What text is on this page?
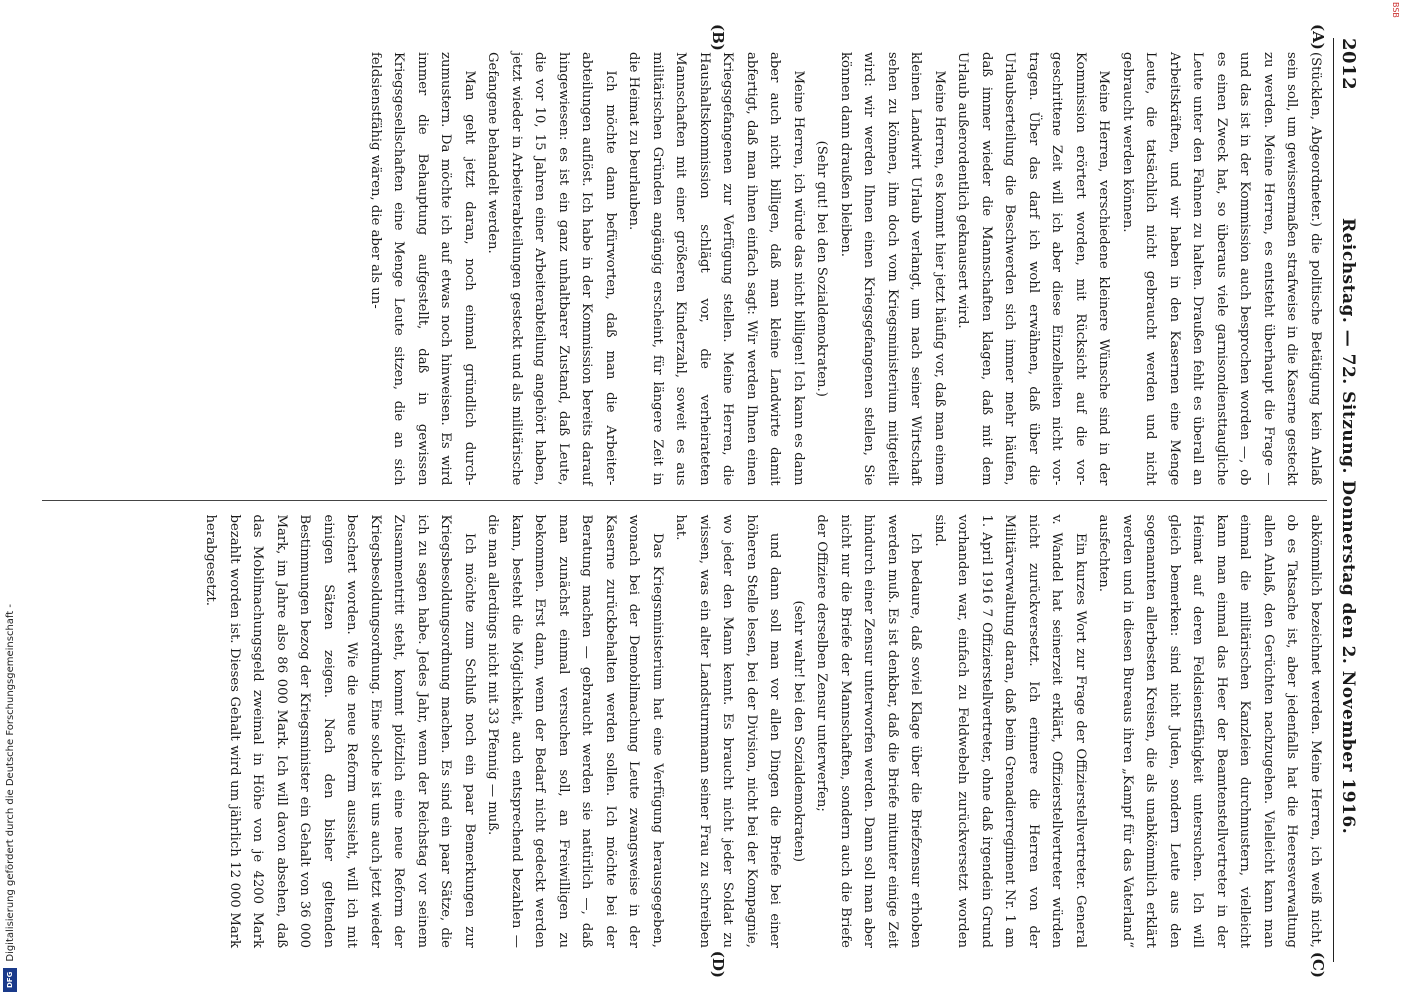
2012
Reichstag. — 72. Sitzung. Donnerstag den 2. November 1916.
(A)
(B)
(C)
(D)

(Stücklen, Abgeordneter.) die politische Betätigung kein Anlaß sein soll, um gewissermaßen strafweise in die Kaserne gesteckt zu werden. Meine Herren, es entsteht überhaupt die Frage — und das ist in der Kommission auch besprochen worden —, ob es einen Zweck hat, so überaus viele garnisondiensttaugliche Leute unter den Fahnen zu halten. Draußen fehlt es überall an Arbeitskräften, und wir haben in den Kasernen eine Menge Leute, die tatsächlich nicht gebraucht werden und nicht gebraucht werden können.

Meine Herren, verschiedene kleinere Wünsche sind in der Kommission erörtert worden, mit Rücksicht auf die vorgeschrittene Zeit will ich aber diese Einzelheiten nicht vortragen. Über das darf ich wohl erwähnen, daß über die Urlaubserteilung die Beschwerden sich immer mehr häufen, daß immer wieder die Mannschaften klagen, daß mit dem Urlaub außerordentlich geknausert wird.

Meine Herren, es kommt hier jetzt häufig vor, daß man einem kleinen Landwirt Urlaub verlangt, um nach seiner Wirtschaft sehen zu können, ihm doch vom Kriegsministerium mitgeteilt wird: wir werden Ihnen einen Kriegsgefangenen stellen, Sie können dann draußen bleiben.

(Sehr gut! bei den Sozialdemokraten.)

Meine Herren, ich würde das nicht billigen! Ich kann es dann aber auch nicht billigen, daß man kleine Landwirte damit abfertigt, daß man ihnen einfach sagt: Wir werden Ihnen einen Kriegsgefangenen zur Verfügung stellen. Meine Herren, die Haushaltskommission schlägt vor, die verheirateten Mannschaften mit einer größeren Kinderzahl, soweit es aus militärischen Gründen angängig erscheint, für längere Zeit in die Heimat zu beurlauben.

Ich möchte dann befürworten, daß man die Arbeiterabteilungen auflöst. Ich habe in der Kommission bereits darauf hingewiesen: es ist ein ganz unhaltbarer Zustand, daß Leute, die vor 10, 15 Jahren einer Arbeiterabteilung angehört haben, jetzt wieder in Arbeiterabteilungen gesteckt und als militärische Gefangene behandelt werden.

Man geht jetzt daran, noch einmal gründlich durchzumustern. Da möchte ich auf etwas noch hinweisen. Es wird immer die Behauptung aufgestellt, daß in gewissen Kriegsgesellschaften eine Menge Leute sitzen, die an sich feldsienstfähig wären, die aber als un-

abkömmlich bezeichnet werden. Meine Herren, ich weiß nicht, ob es Tatsache ist, aber jedenfalls hat die Heeresverwaltung allen Anlaß, den Gerüchten nachzugehen. Vielleicht kann man einmal die militärischen Kanzleien durchmustern, vielleicht kann man einmal das Heer der Beamtenstellvertreter in der Heimat auf deren Feldsienstfähigkeit untersuchen. Ich will gleich bemerken: sind nicht Juden, sondern Leute aus den sogenannten allerbesten Kreisen, die als unabkömmlich erklärt werden und in diesen Bureaus ihren „Kampf für das Vaterland“ ausfechten.

Ein kurzes Wort zur Frage der Offizierstellvertreter. General v. Wandel hat seinerzeit erklärt, Offizierstellvertreter würden nicht zurückversetzt. Ich erinnere die Herren von der Militärverwaltung daran, daß beim Grenadierregiment Nr. 1 am 1. April 1916 7 Offizierstellvertreter, ohne daß irgendein Grund vorhanden war, einfach zu Feldwebeln zurückversetzt worden sind.

Ich bedaure, daß soviel Klage über die Briefzensur erhoben werden muß. Es ist denkbar, daß die Briefe mitunter einige Zeit hindurch einer Zensur unterworfen werden. Dann soll man aber nicht nur die Briefe der Mannschaften, sondern auch die Briefe der Offiziere derselben Zensur unterwerfen;

(sehr wahr! bei den Sozialdemokraten)

und dann soll man vor allen Dingen die Briefe bei einer höheren Stelle lesen, bei der Division, nicht bei der Kompagnie, wo jeder den Mann kennt. Es braucht nicht jeder Soldat zu wissen, was ein alter Landsturmmann seiner Frau zu schreiben hat.

Das Kriegsministerium hat eine Verfügung herausgegeben, wonach bei der Demobilmachung Leute zwangsweise in der Kaserne zurückbehalten werden sollen. Ich möchte bei der Beratung machen — gebraucht werden sie natürlich —, daß man zunächst einmal versuchen soll, an Freiwilligen zu bekommen. Erst dann, wenn der Bedarf nicht gedeckt werden kann, besteht die Möglichkeit, auch entsprechend bezahlen — die man allerdings nicht mit 33 Pfennig — muß.

Ich möchte zum Schluß noch ein paar Bemerkungen zur Kriegsbesoldungsordnung machen. Es sind ein paar Sätze, die ich zu sagen habe. Jedes Jahr, wenn der Reichstag vor seinem Zusammentritt steht, kommt plötzlich eine neue Reform der Kriegsbesoldungsordnung. Eine solche ist uns auch jetzt wieder beschert worden. Wie die neue Reform aussieht, will ich mit einigen Sätzen zeigen. Nach den bisher geltenden Bestimmungen bezog der Kriegsminister ein Gehalt von 36 000 Mark, im Jahre also 86 000 Mark. Ich will davon absehen, daß das Mobilmachungsgeld zweimal in Höhe von je 4200 Mark bezahlt worden ist. Dieses Gehalt wird um jährlich 12 000 Mark herabgesetzt.

Digitalisierung gefördert durch die Deutsche Forschungsgemeinschaft -
DFG
BSB
